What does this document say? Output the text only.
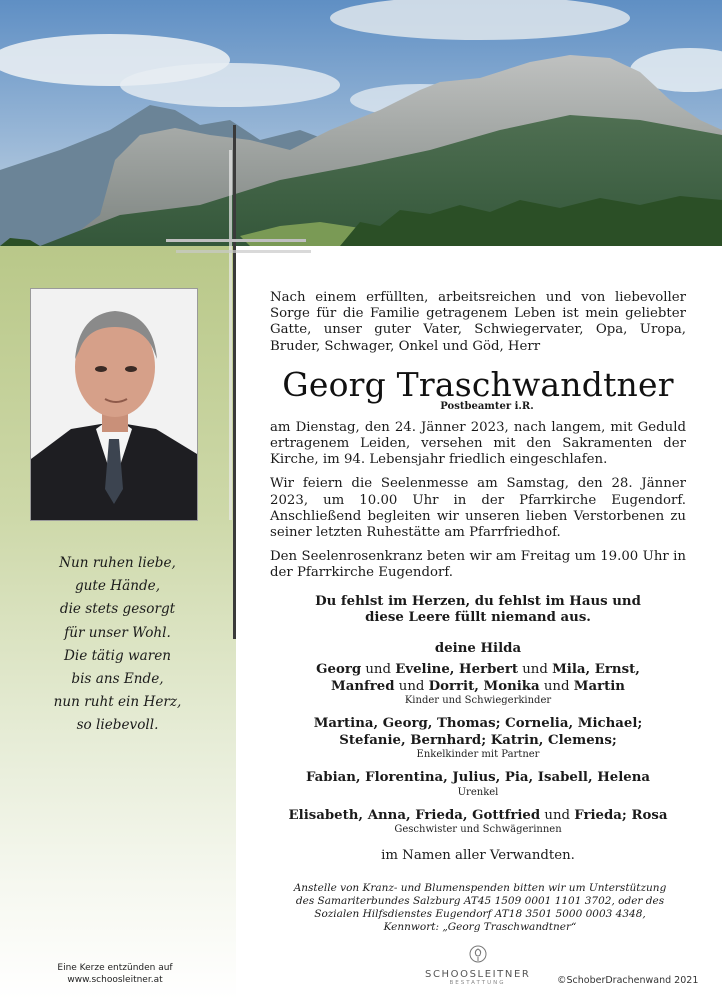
Nun ruhen liebe,
gute Hände,
die stets gesorgt
für unser Wohl.
Die tätig waren
bis ans Ende,
nun ruht ein Herz,
so liebevoll.
Eine Kerze entzünden auf
www.schoosleitner.at

Nach einem erfüllten, arbeitsreichen und von liebevoller Sorge für die Familie getragenem Leben ist mein geliebter Gatte, unser guter Vater, Schwiegervater, Opa, Uropa, Bruder, Schwager, Onkel und Göd, Herr

Georg Traschwandtner
Postbeamter i.R.

am Dienstag, den 24. Jänner 2023, nach langem, mit Geduld ertragenem Leiden, versehen mit den Sakramenten der Kirche, im 94. Lebensjahr friedlich eingeschlafen.

Wir feiern die Seelenmesse am Samstag, den 28. Jänner 2023, um 10.00 Uhr in der Pfarrkirche Eugendorf. Anschließend begleiten wir unseren lieben Verstorbenen zu seiner letzten Ruhestätte am Pfarrfriedhof.

Den Seelenrosenkranz beten wir am Freitag um 19.00 Uhr in der Pfarrkirche Eugendorf.

Du fehlst im Herzen, du fehlst im Haus und
diese Leere füllt niemand aus.
deine Hilda
Georg und Eveline, Herbert und Mila, Ernst,
Manfred und Dorrit, Monika und Martin
Kinder und Schwiegerkinder
Martina, Georg, Thomas; Cornelia, Michael;
Stefanie, Bernhard; Katrin, Clemens;
Enkelkinder mit Partner
Fabian, Florentina, Julius, Pia, Isabell, Helena
Urenkel
Elisabeth, Anna, Frieda, Gottfried und Frieda; Rosa
Geschwister und Schwägerinnen
im Namen aller Verwandten.
Anstelle von Kranz- und Blumenspenden bitten wir um Unterstützung
des Samariterbundes Salzburg AT45 1509 0001 1101 3702, oder des
Sozialen Hilfsdienstes Eugendorf AT18 3501 5000 0003 4348,
Kennwort: „Georg Traschwandtner“
SCHOOSLEITNER
BESTATTUNG	©SchoberDrachenwand 2021
